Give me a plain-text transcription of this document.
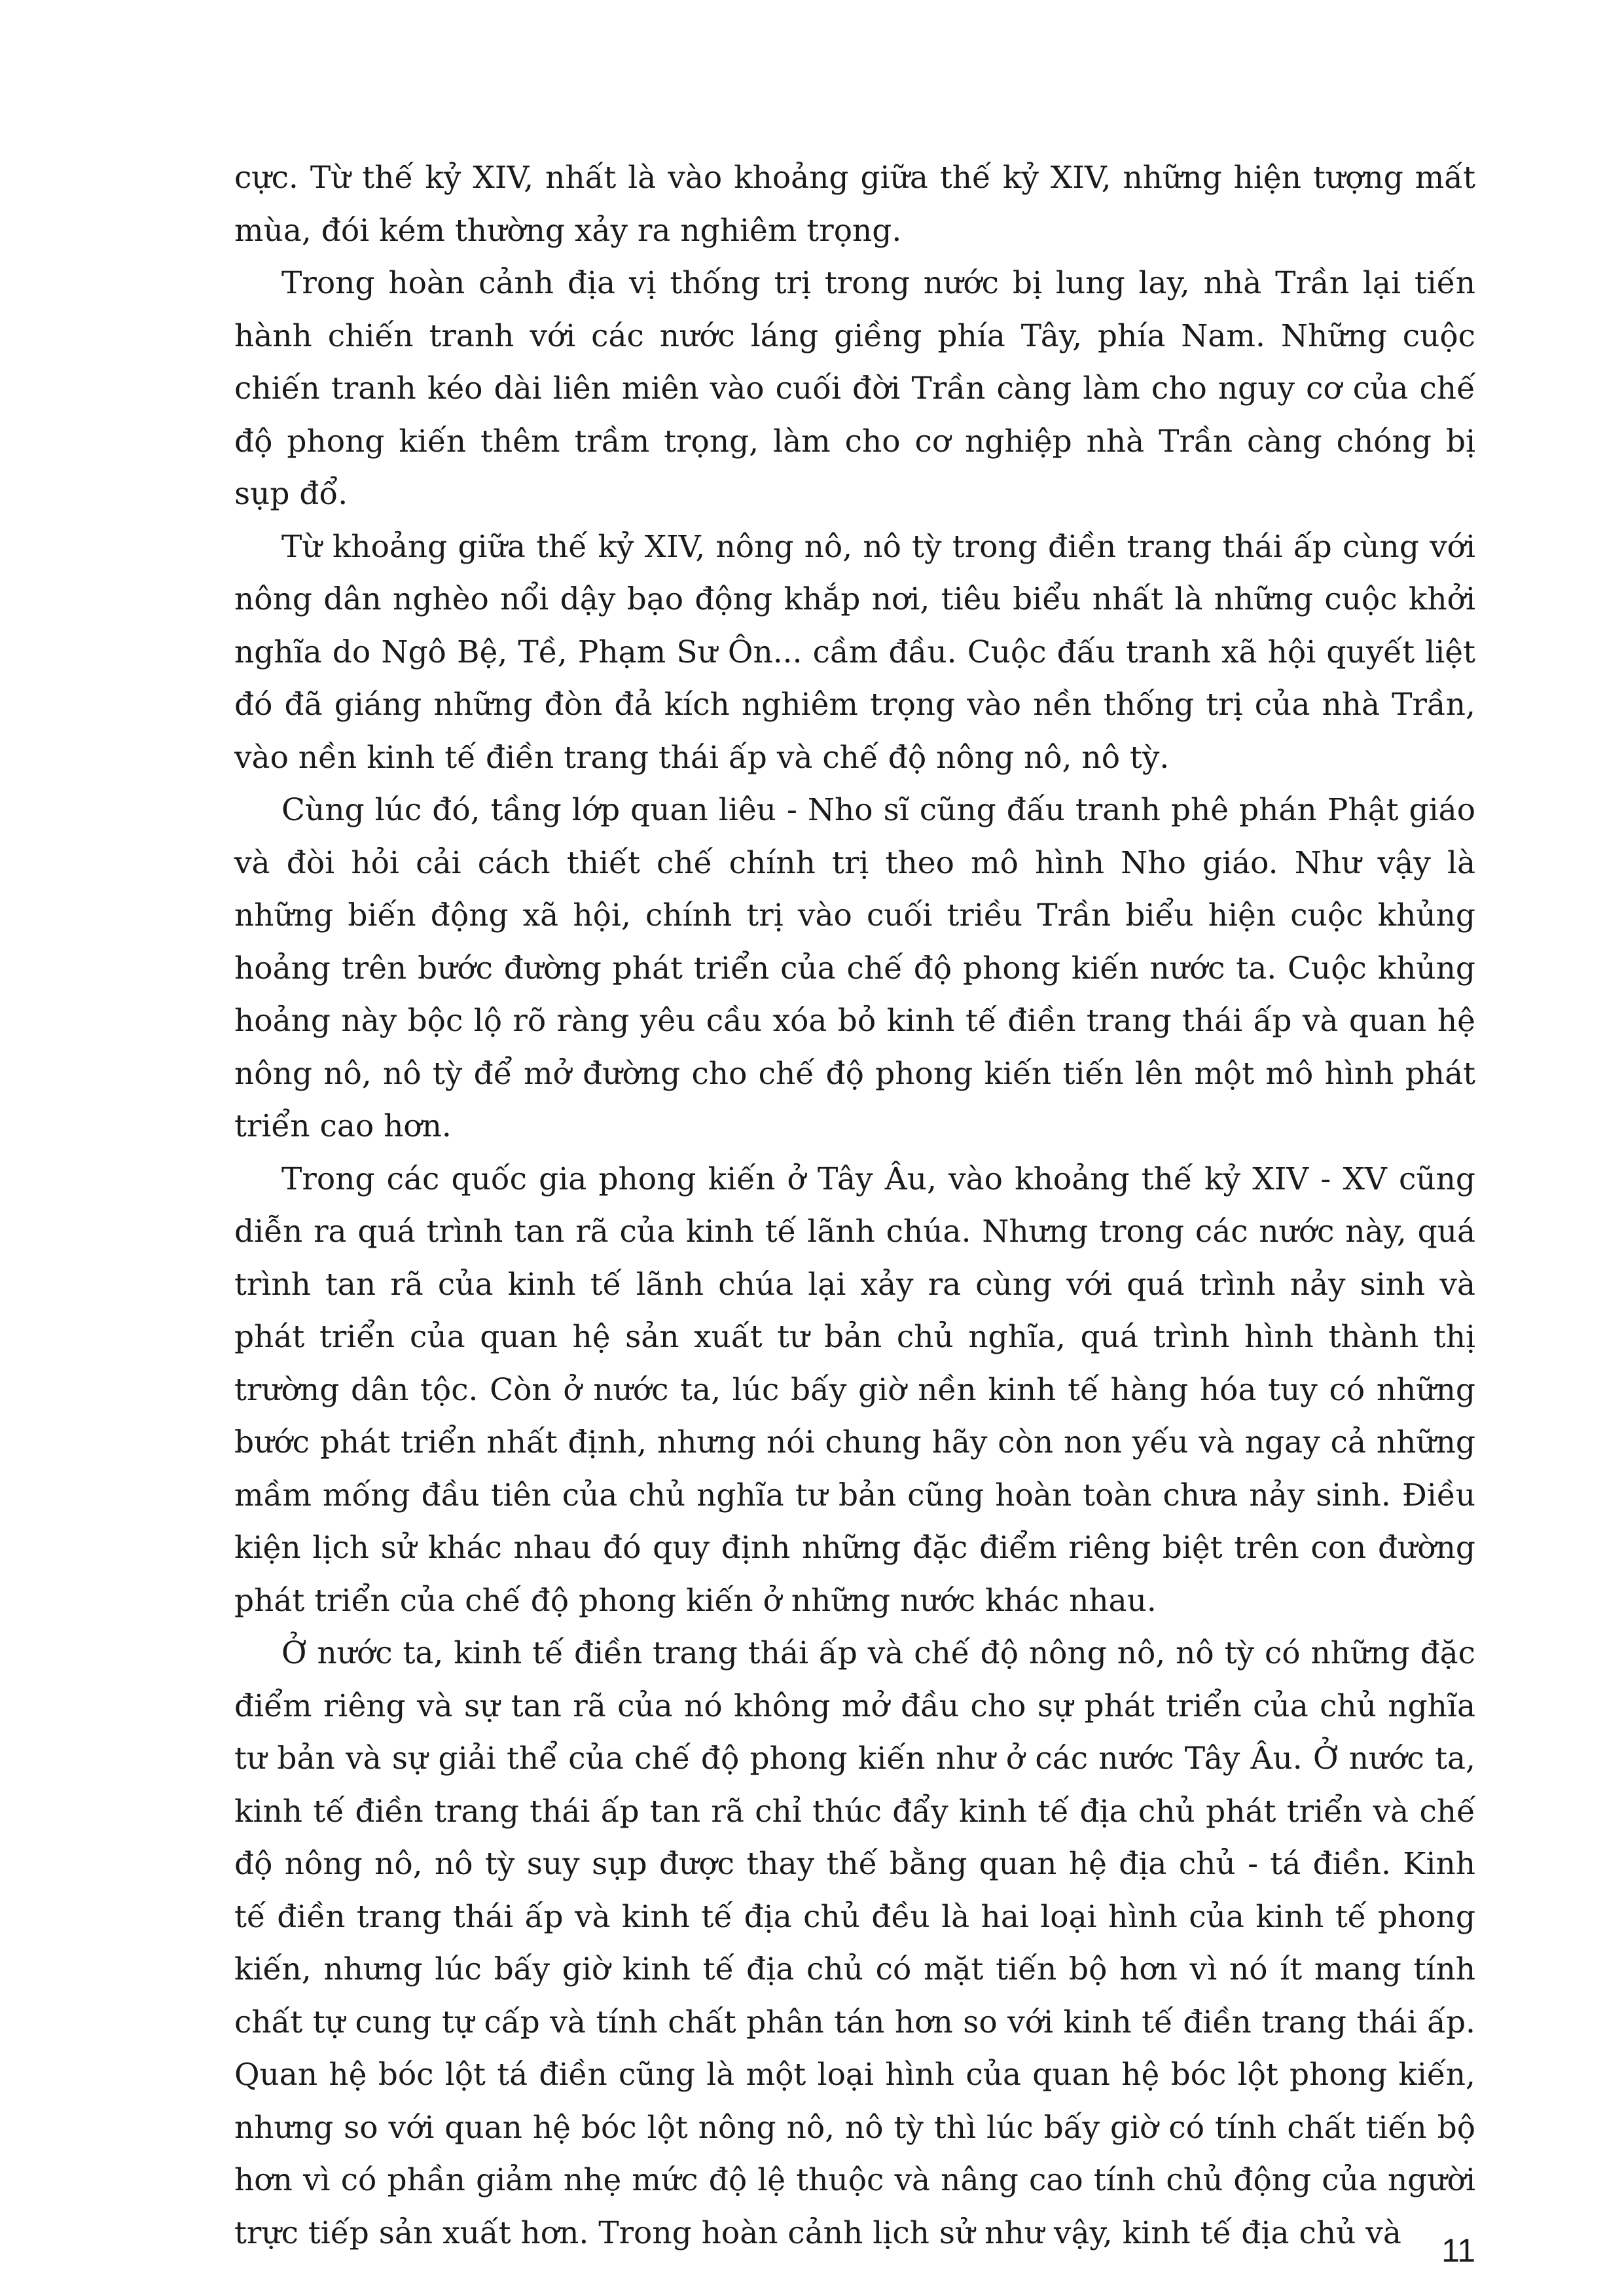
cực. Từ thế kỷ XIV, nhất là vào khoảng giữa thế kỷ XIV, những hiện tượng mất mùa, đói kém thường xảy ra nghiêm trọng.

Trong hoàn cảnh địa vị thống trị trong nước bị lung lay, nhà Trần lại tiến hành chiến tranh với các nước láng giềng phía Tây, phía Nam. Những cuộc chiến tranh kéo dài liên miên vào cuối đời Trần càng làm cho nguy cơ của chế độ phong kiến thêm trầm trọng, làm cho cơ nghiệp nhà Trần càng chóng bị sụp đổ.

Từ khoảng giữa thế kỷ XIV, nông nô, nô tỳ trong điền trang thái ấp cùng với nông dân nghèo nổi dậy bạo động khắp nơi, tiêu biểu nhất là những cuộc khởi nghĩa do Ngô Bệ, Tề, Phạm Sư Ôn... cầm đầu. Cuộc đấu tranh xã hội quyết liệt đó đã giáng những đòn đả kích nghiêm trọng vào nền thống trị của nhà Trần, vào nền kinh tế điền trang thái ấp và chế độ nông nô, nô tỳ.

Cùng lúc đó, tầng lớp quan liêu - Nho sĩ cũng đấu tranh phê phán Phật giáo và đòi hỏi cải cách thiết chế chính trị theo mô hình Nho giáo. Như vậy là những biến động xã hội, chính trị vào cuối triều Trần biểu hiện cuộc khủng hoảng trên bước đường phát triển của chế độ phong kiến nước ta. Cuộc khủng hoảng này bộc lộ rõ ràng yêu cầu xóa bỏ kinh tế điền trang thái ấp và quan hệ nông nô, nô tỳ để mở đường cho chế độ phong kiến tiến lên một mô hình phát triển cao hơn.

Trong các quốc gia phong kiến ở Tây Âu, vào khoảng thế kỷ XIV - XV cũng diễn ra quá trình tan rã của kinh tế lãnh chúa. Nhưng trong các nước này, quá trình tan rã của kinh tế lãnh chúa lại xảy ra cùng với quá trình nảy sinh và phát triển của quan hệ sản xuất tư bản chủ nghĩa, quá trình hình thành thị trường dân tộc. Còn ở nước ta, lúc bấy giờ nền kinh tế hàng hóa tuy có những bước phát triển nhất định, nhưng nói chung hãy còn non yếu và ngay cả những mầm mống đầu tiên của chủ nghĩa tư bản cũng hoàn toàn chưa nảy sinh. Điều kiện lịch sử khác nhau đó quy định những đặc điểm riêng biệt trên con đường phát triển của chế độ phong kiến ở những nước khác nhau.

Ở nước ta, kinh tế điền trang thái ấp và chế độ nông nô, nô tỳ có những đặc điểm riêng và sự tan rã của nó không mở đầu cho sự phát triển của chủ nghĩa tư bản và sự giải thể của chế độ phong kiến như ở các nước Tây Âu. Ở nước ta, kinh tế điền trang thái ấp tan rã chỉ thúc đẩy kinh tế địa chủ phát triển và chế độ nông nô, nô tỳ suy sụp được thay thế bằng quan hệ địa chủ - tá điền. Kinh tế điền trang thái ấp và kinh tế địa chủ đều là hai loại hình của kinh tế phong kiến, nhưng lúc bấy giờ kinh tế địa chủ có mặt tiến bộ hơn vì nó ít mang tính chất tự cung tự cấp và tính chất phân tán hơn so với kinh tế điền trang thái ấp. Quan hệ bóc lột tá điền cũng là một loại hình của quan hệ bóc lột phong kiến, nhưng so với quan hệ bóc lột nông nô, nô tỳ thì lúc bấy giờ có tính chất tiến bộ hơn vì có phần giảm nhẹ mức độ lệ thuộc và nâng cao tính chủ động của người trực tiếp sản xuất hơn. Trong hoàn cảnh lịch sử như vậy, kinh tế địa chủ và	11
